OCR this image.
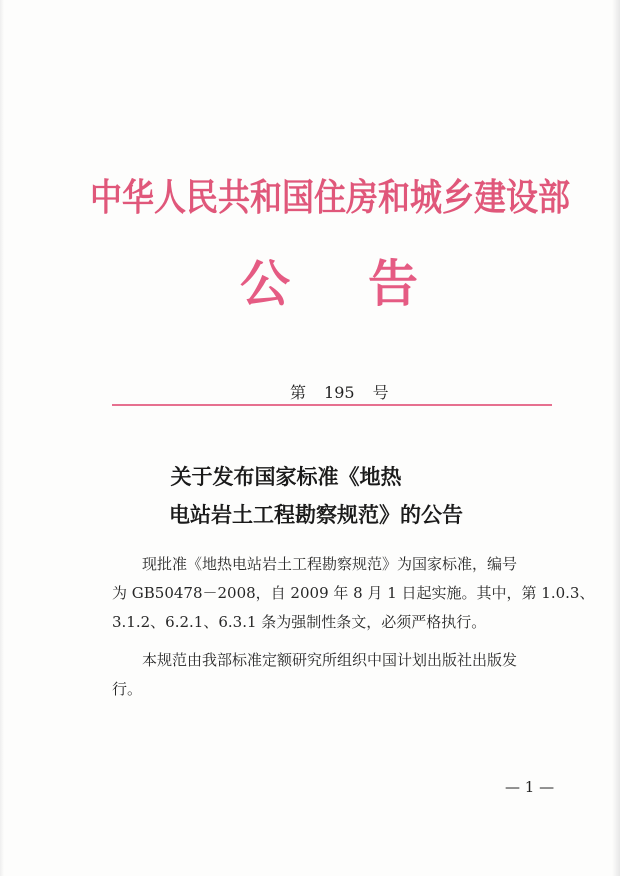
中华人民共和国住房和城乡建设部
公 告
第 195 号
关于发布国家标准《地热
电站岩土工程勘察规范》的公告
现批准《地热电站岩土工程勘察规范》为国家标准，编号
为 GB50478－2008，自 2009 年 8 月 1 日起实施。其中，第 1.0.3、
3.1.2、6.2.1、6.3.1 条为强制性条文，必须严格执行。
本规范由我部标准定额研究所组织中国计划出版社出版发
行。
— 1 —
